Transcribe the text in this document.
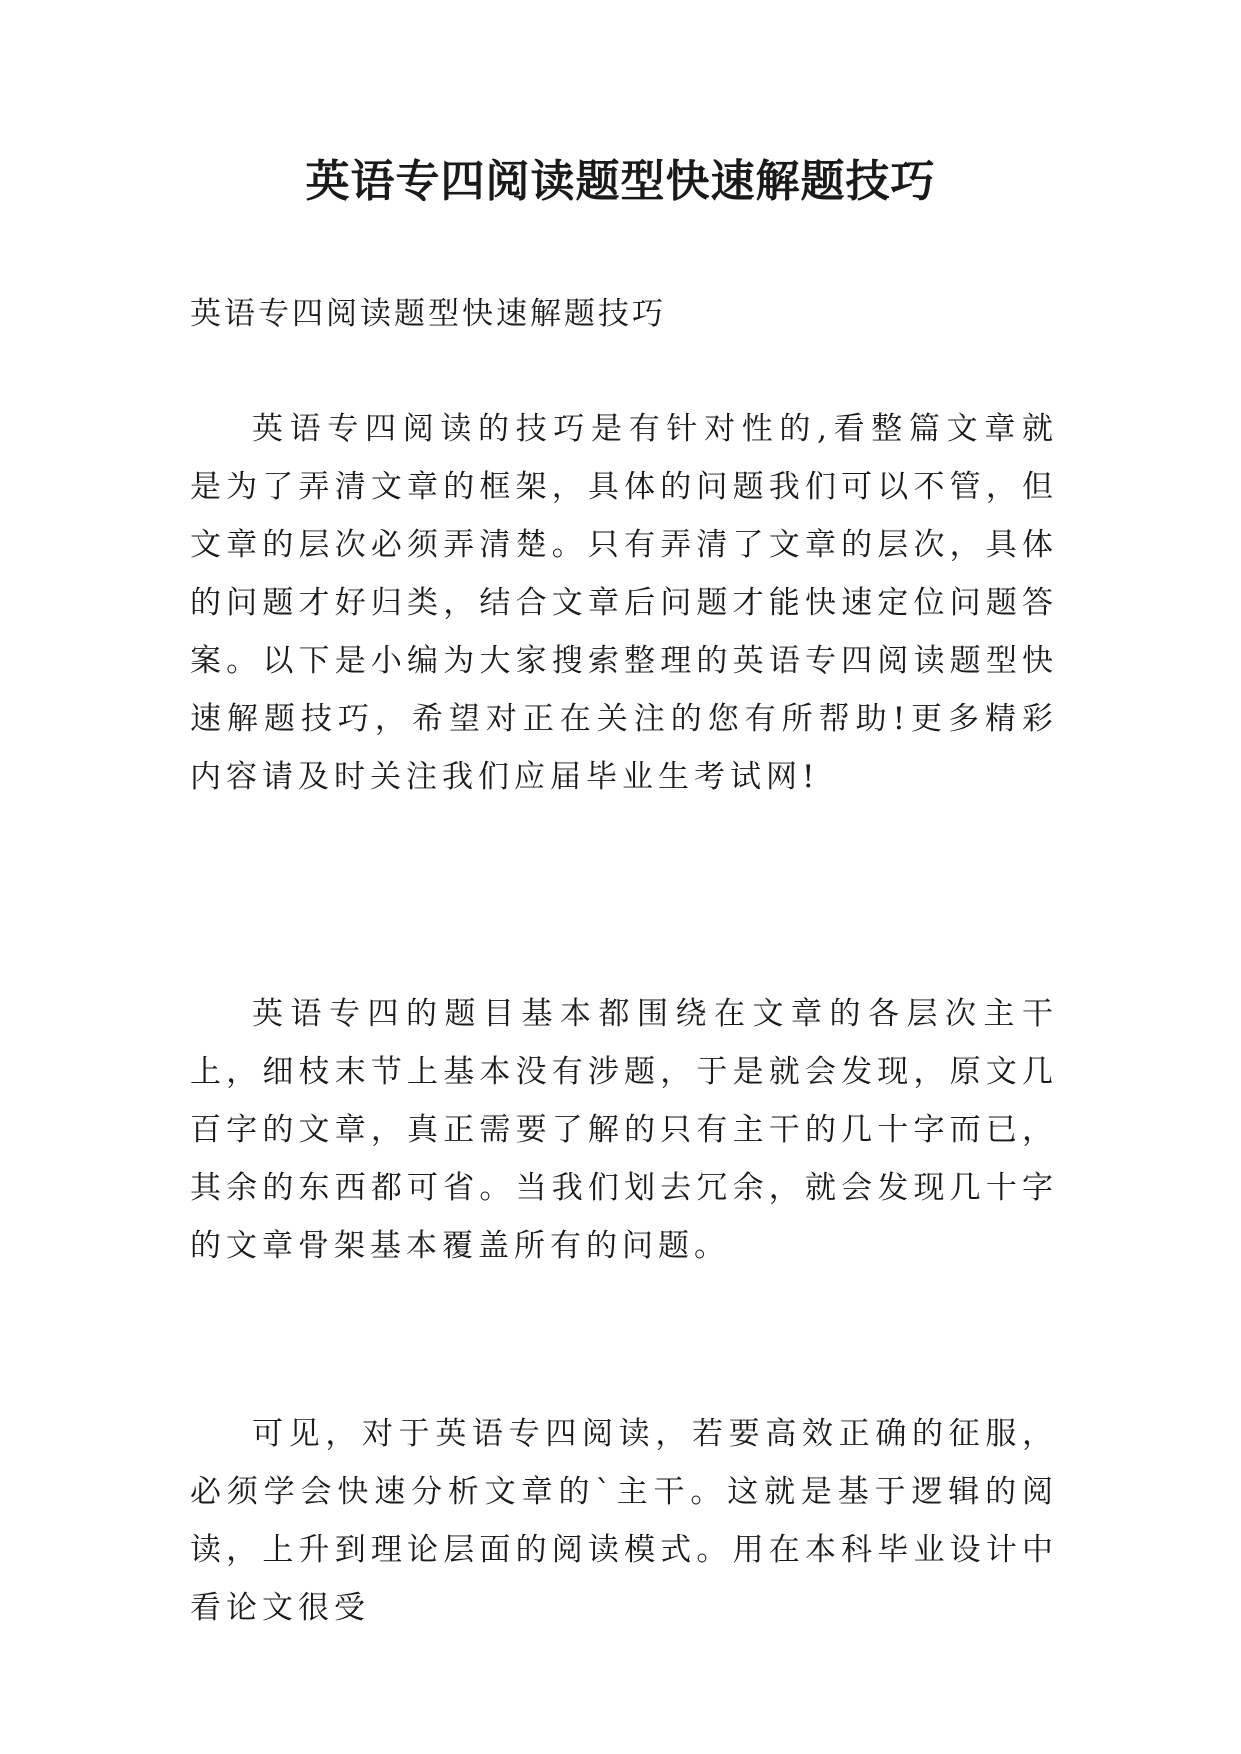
英语专四阅读题型快速解题技巧

英语专四阅读题型快速解题技巧

英语专四阅读的技巧是有针对性的,看整篇文章就是为了弄清文章的框架，具体的问题我们可以不管，但文章的层次必须弄清楚。只有弄清了文章的层次，具体的问题才好归类，结合文章后问题才能快速定位问题答案。以下是小编为大家搜索整理的英语专四阅读题型快速解题技巧，希望对正在关注的您有所帮助!更多精彩内容请及时关注我们应届毕业生考试网!

英语专四的题目基本都围绕在文章的各层次主干上，细枝末节上基本没有涉题，于是就会发现，原文几百字的文章，真正需要了解的只有主干的几十字而已，其余的东西都可省。当我们划去冗余，就会发现几十字的文章骨架基本覆盖所有的问题。

可见，对于英语专四阅读，若要高效正确的征服，必须学会快速分析文章的`主干。这就是基于逻辑的阅读，上升到理论层面的阅读模式。用在本科毕业设计中看论文很受
